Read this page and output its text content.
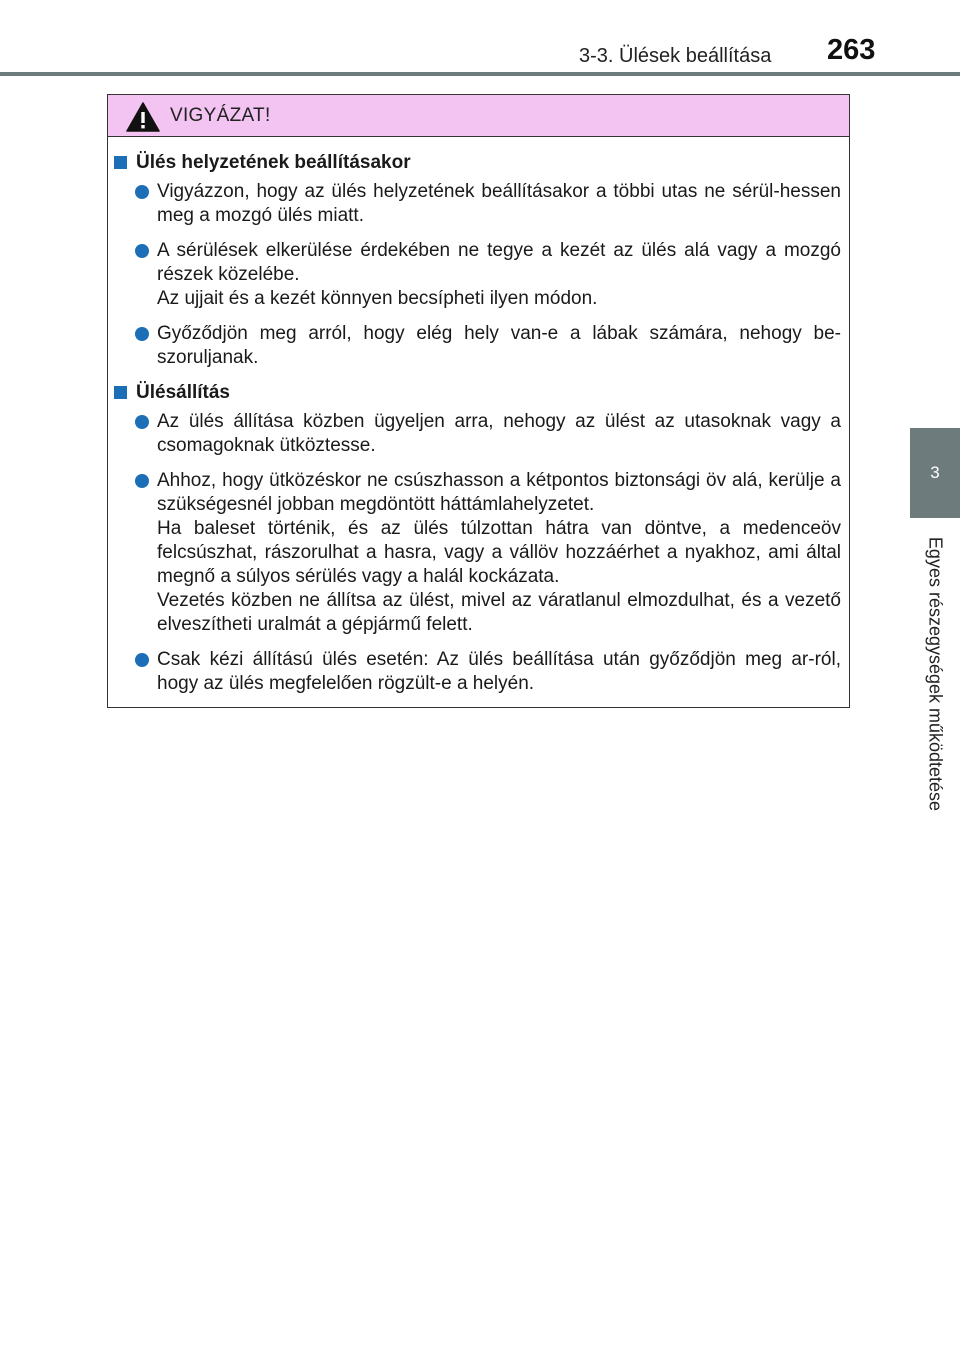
3-3. Ülések beállítása 263
3
Egyes részegységek működtetése
VIGYÁZAT!
Ülés helyzetének beállításakor

Vigyázzon, hogy az ülés helyzetének beállításakor a többi utas ne sérül-hessen meg a mozgó ülés miatt.

A sérülések elkerülése érdekében ne tegye a kezét az ülés alá vagy a mozgó részek közelébe.

Az ujjait és a kezét könnyen becsípheti ilyen módon.

Győződjön meg arról, hogy elég hely van-e a lábak számára, nehogy be-szoruljanak.

Ülésállítás

Az ülés állítása közben ügyeljen arra, nehogy az ülést az utasoknak vagy a csomagoknak ütköztesse.

Ahhoz, hogy ütközéskor ne csúszhasson a kétpontos biztonsági öv alá, kerülje a szükségesnél jobban megdöntött háttámlahelyzetet.

Ha baleset történik, és az ülés túlzottan hátra van döntve, a medenceöv felcsúszhat, rászorulhat a hasra, vagy a vállöv hozzáérhet a nyakhoz, ami által megnő a súlyos sérülés vagy a halál kockázata.

Vezetés közben ne állítsa az ülést, mivel az váratlanul elmozdulhat, és a vezető elveszítheti uralmát a gépjármű felett.

Csak kézi állítású ülés esetén: Az ülés beállítása után győződjön meg ar-ról, hogy az ülés megfelelően rögzült-e a helyén.
